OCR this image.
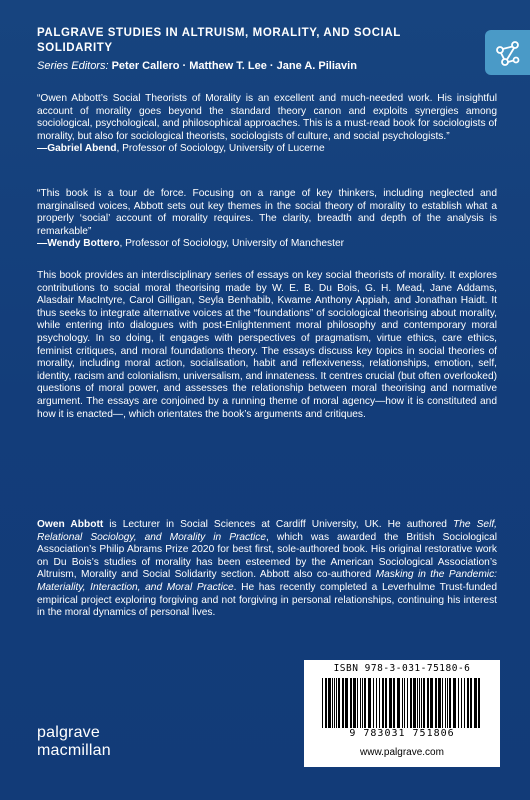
PALGRAVE STUDIES IN ALTRUISM, MORALITY, AND SOCIAL SOLIDARITY
Series Editors: Peter Callero · Matthew T. Lee · Jane A. Piliavin
“Owen Abbott’s Social Theorists of Morality is an excellent and much-needed work. His insightful account of morality goes beyond the standard theory canon and exploits synergies among sociological, psychological, and philosophical approaches. This is a must-read book for sociologists of morality, but also for sociological theorists, sociologists of culture, and social psychologists.”
—Gabriel Abend, Professor of Sociology, University of Lucerne
“This book is a tour de force. Focusing on a range of key thinkers, including neglected and marginalised voices, Abbott sets out key themes in the social theory of morality to establish what a properly ‘social’ account of morality requires. The clarity, breadth and depth of the analysis is remarkable”
—Wendy Bottero, Professor of Sociology, University of Manchester
This book provides an interdisciplinary series of essays on key social theorists of morality. It explores contributions to social moral theorising made by W. E. B. Du Bois, G. H. Mead, Jane Addams, Alasdair MacIntyre, Carol Gilligan, Seyla Benhabib, Kwame Anthony Appiah, and Jonathan Haidt. It thus seeks to integrate alternative voices at the “foundations” of sociological theorising about morality, while entering into dialogues with post-Enlightenment moral philosophy and contemporary moral psychology. In so doing, it engages with perspectives of pragmatism, virtue ethics, care ethics, feminist critiques, and moral foundations theory. The essays discuss key topics in social theories of morality, including moral action, socialisation, habit and reflexiveness, relationships, emotion, self, identity, racism and colonialism, universalism, and innateness. It centres crucial (but often overlooked) questions of moral power, and assesses the relationship between moral theorising and normative argument. The essays are conjoined by a running theme of moral agency—how it is constituted and how it is enacted—, which orientates the book’s arguments and critiques.
Owen Abbott is Lecturer in Social Sciences at Cardiff University, UK. He authored The Self, Relational Sociology, and Morality in Practice, which was awarded the British Sociological Association’s Philip Abrams Prize 2020 for best first, sole-authored book. His original restorative work on Du Bois’s studies of morality has been esteemed by the American Sociological Association’s Altruism, Morality and Social Solidarity section. Abbott also co-authored Masking in the Pandemic: Materiality, Interaction, and Moral Practice. He has recently completed a Leverhulme Trust-funded empirical project exploring forgiving and not forgiving in personal relationships, continuing his interest in the moral dynamics of personal lives.
ISBN 978-3-031-75180-6
9 783031 751806
www.palgrave.com
palgrave
macmillan
